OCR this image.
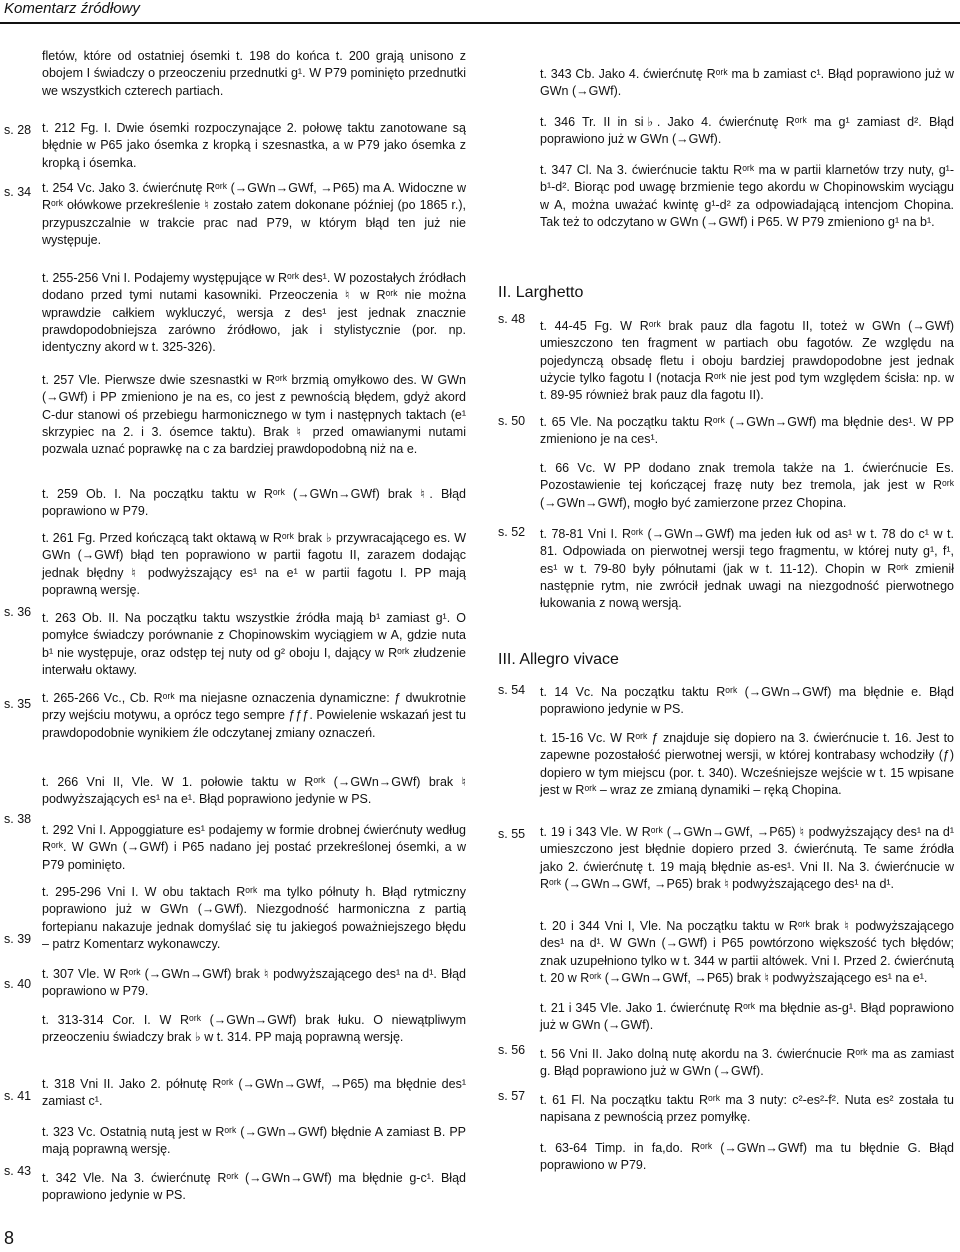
Komentarz źródłowy
s. 28
s. 34
s. 36
s. 35
s. 38
s. 39
s. 40
s. 41
s. 43

fletów, które od ostatniej ósemki t. 198 do końca t. 200 grają unisono z obojem I świadczy o przeoczeniu przednutki g¹. W P79 pominięto przednutki we wszystkich czterech partiach.

t. 212 Fg. I. Dwie ósemki rozpoczynające 2. połowę taktu zanotowane są błędnie w P65 jako ósemka z kropką i szesnastka, a w P79 jako ósemka z kropką i ósemka.

t. 254 Vc. Jako 3. ćwierćnutę Rᵒʳᵏ (→GWn→GWf, →P65) ma A. Widoczne w Rᵒʳᵏ ołówkowe przekreślenie ♮ zostało zatem dokonane później (po 1865 r.), przypuszczalnie w trakcie prac nad P79, w którym błąd ten już nie występuje.

t. 255-256 Vni I. Podajemy występujące w Rᵒʳᵏ des¹. W pozostałych źródłach dodano przed tymi nutami kasowniki. Przeoczenia ♮ w Rᵒʳᵏ nie można wprawdzie całkiem wykluczyć, wersja z des¹ jest jednak znacznie prawdopodobniejsza zarówno źródłowo, jak i stylistycznie (por. np. identyczny akord w t. 325-326).

t. 257 Vle. Pierwsze dwie szesnastki w Rᵒʳᵏ brzmią omyłkowo des. W GWn (→GWf) i PP zmieniono je na es, co jest z pewnością błędem, gdyż akord C-dur stanowi oś przebiegu harmonicznego w tym i następnych taktach (e¹ skrzypiec na 2. i 3. ósemce taktu). Brak ♮ przed omawianymi nutami pozwala uznać poprawkę na c za bardziej prawdopodobną niż na e.

t. 259 Ob. I. Na początku taktu w Rᵒʳᵏ (→GWn→GWf) brak ♮. Błąd poprawiono w P79.

t. 261 Fg. Przed kończącą takt oktawą w Rᵒʳᵏ brak ♭ przywracającego es. W GWn (→GWf) błąd ten poprawiono w partii fagotu II, zarazem dodając jednak błędny ♮ podwyższający es¹ na e¹ w partii fagotu I. PP mają poprawną wersję.

t. 263 Ob. II. Na początku taktu wszystkie źródła mają b¹ zamiast g¹. O pomyłce świadczy porównanie z Chopinowskim wyciągiem w A, gdzie nuta b¹ nie występuje, oraz odstęp tej nuty od g² oboju I, dający w Rᵒʳᵏ złudzenie interwału oktawy.

t. 265-266 Vc., Cb. Rᵒʳᵏ ma niejasne oznaczenia dynamiczne: ƒ dwukrotnie przy wejściu motywu, a oprócz tego sempre ƒƒƒ. Powielenie wskazań jest tu prawdopodobnie wynikiem źle odczytanej zmiany oznaczeń.

t. 266 Vni II, Vle. W 1. połowie taktu w Rᵒʳᵏ (→GWn→GWf) brak ♮ podwyższających es¹ na e¹. Błąd poprawiono jedynie w PS.

t. 292 Vni I. Appoggiature es¹ podajemy w formie drobnej ćwierćnuty według Rᵒʳᵏ. W GWn (→GWf) i P65 nadano jej postać przekreślonej ósemki, a w P79 pominięto.

t. 295-296 Vni I. W obu taktach Rᵒʳᵏ ma tylko półnuty h. Błąd rytmiczny poprawiono już w GWn (→GWf). Niezgodność harmoniczna z partią fortepianu nakazuje jednak domyślać się tu jakiegoś poważniejszego błędu – patrz Komentarz wykonawczy.

t. 307 Vle. W Rᵒʳᵏ (→GWn→GWf) brak ♮ podwyższającego des¹ na d¹. Błąd poprawiono w P79.

t. 313-314 Cor. I. W Rᵒʳᵏ (→GWn→GWf) brak łuku. O niewątpliwym przeoczeniu świadczy brak ♭ w t. 314. PP mają poprawną wersję.

t. 318 Vni II. Jako 2. półnutę Rᵒʳᵏ (→GWn→GWf, →P65) ma błędnie des¹ zamiast c¹.

t. 323 Vc. Ostatnią nutą jest w Rᵒʳᵏ (→GWn→GWf) błędnie A zamiast B. PP mają poprawną wersję.

t. 342 Vle. Na 3. ćwierćnutę Rᵒʳᵏ (→GWn→GWf) ma błędnie g-c¹. Błąd poprawiono jedynie w PS.

II. Larghetto
III. Allegro vivace
s. 48
s. 50
s. 52
s. 54
s. 55
s. 56
s. 57

t. 343 Cb. Jako 4. ćwierćnutę Rᵒʳᵏ ma b zamiast c¹. Błąd poprawiono już w GWn (→GWf).

t. 346 Tr. II in si♭. Jako 4. ćwierćnutę Rᵒʳᵏ ma g¹ zamiast d². Błąd poprawiono już w GWn (→GWf).

t. 347 Cl. Na 3. ćwierćnucie taktu Rᵒʳᵏ ma w partii klarnetów trzy nuty, g¹-b¹-d². Biorąc pod uwagę brzmienie tego akordu w Chopinowskim wyciągu w A, można uważać kwintę g¹-d² za odpowiadającą intencjom Chopina. Tak też to odczytano w GWn (→GWf) i P65. W P79 zmieniono g¹ na b¹.

t. 44-45 Fg. W Rᵒʳᵏ brak pauz dla fagotu II, toteż w GWn (→GWf) umieszczono ten fragment w partiach obu fagotów. Ze względu na pojedynczą obsadę fletu i oboju bardziej prawdopodobne jest jednak użycie tylko fagotu I (notacja Rᵒʳᵏ nie jest pod tym względem ścisła: np. w t. 89-95 również brak pauz dla fagotu II).

t. 65 Vle. Na początku taktu Rᵒʳᵏ (→GWn→GWf) ma błędnie des¹. W PP zmieniono je na ces¹.

t. 66 Vc. W PP dodano znak tremola także na 1. ćwierćnucie Es. Pozostawienie tej kończącej frazę nuty bez tremola, jak jest w Rᵒʳᵏ (→GWn→GWf), mogło być zamierzone przez Chopina.

t. 78-81 Vni I. Rᵒʳᵏ (→GWn→GWf) ma jeden łuk od as¹ w t. 78 do c¹ w t. 81. Odpowiada on pierwotnej wersji tego fragmentu, w której nuty g¹, f¹, es¹ w t. 79-80 były półnutami (jak w t. 11-12). Chopin w Rᵒʳᵏ zmienił następnie rytm, nie zwrócił jednak uwagi na niezgodność pierwotnego łukowania z nową wersją.

t. 14 Vc. Na początku taktu Rᵒʳᵏ (→GWn→GWf) ma błędnie e. Błąd poprawiono jedynie w PS.

t. 15-16 Vc. W Rᵒʳᵏ ƒ znajduje się dopiero na 3. ćwierćnucie t. 16. Jest to zapewne pozostałość pierwotnej wersji, w której kontrabasy wchodziły (ƒ) dopiero w tym miejscu (por. t. 340). Wcześniejsze wejście w t. 15 wpisane jest w Rᵒʳᵏ – wraz ze zmianą dynamiki – ręką Chopina.

t. 19 i 343 Vle. W Rᵒʳᵏ (→GWn→GWf, →P65) ♮ podwyższający des¹ na d¹ umieszczono jest błędnie dopiero przed 3. ćwierćnutą. Te same źródła jako 2. ćwierćnutę t. 19 mają błędnie as-es¹. Vni II. Na 3. ćwierćnucie w Rᵒʳᵏ (→GWn→GWf, →P65) brak ♮ podwyższającego des¹ na d¹.

t. 20 i 344 Vni I, Vle. Na początku taktu w Rᵒʳᵏ brak ♮ podwyższającego des¹ na d¹. W GWn (→GWf) i P65 powtórzono większość tych błędów; znak uzupełniono tylko w t. 344 w partii altówek. Vni I. Przed 2. ćwierćnutą t. 20 w Rᵒʳᵏ (→GWn→GWf, →P65) brak ♮ podwyższającego es¹ na e¹.

t. 21 i 345 Vle. Jako 1. ćwierćnutę Rᵒʳᵏ ma błędnie as-g¹. Błąd poprawiono już w GWn (→GWf).

t. 56 Vni II. Jako dolną nutę akordu na 3. ćwierćnucie Rᵒʳᵏ ma as zamiast g. Błąd poprawiono już w GWn (→GWf).

t. 61 Fl. Na początku taktu Rᵒʳᵏ ma 3 nuty: c²-es²-f². Nuta es² została tu napisana z pewnością przez pomyłkę.

t. 63-64 Timp. in fa,do. Rᵒʳᵏ (→GWn→GWf) ma tu błędnie G. Błąd poprawiono w P79.

8
